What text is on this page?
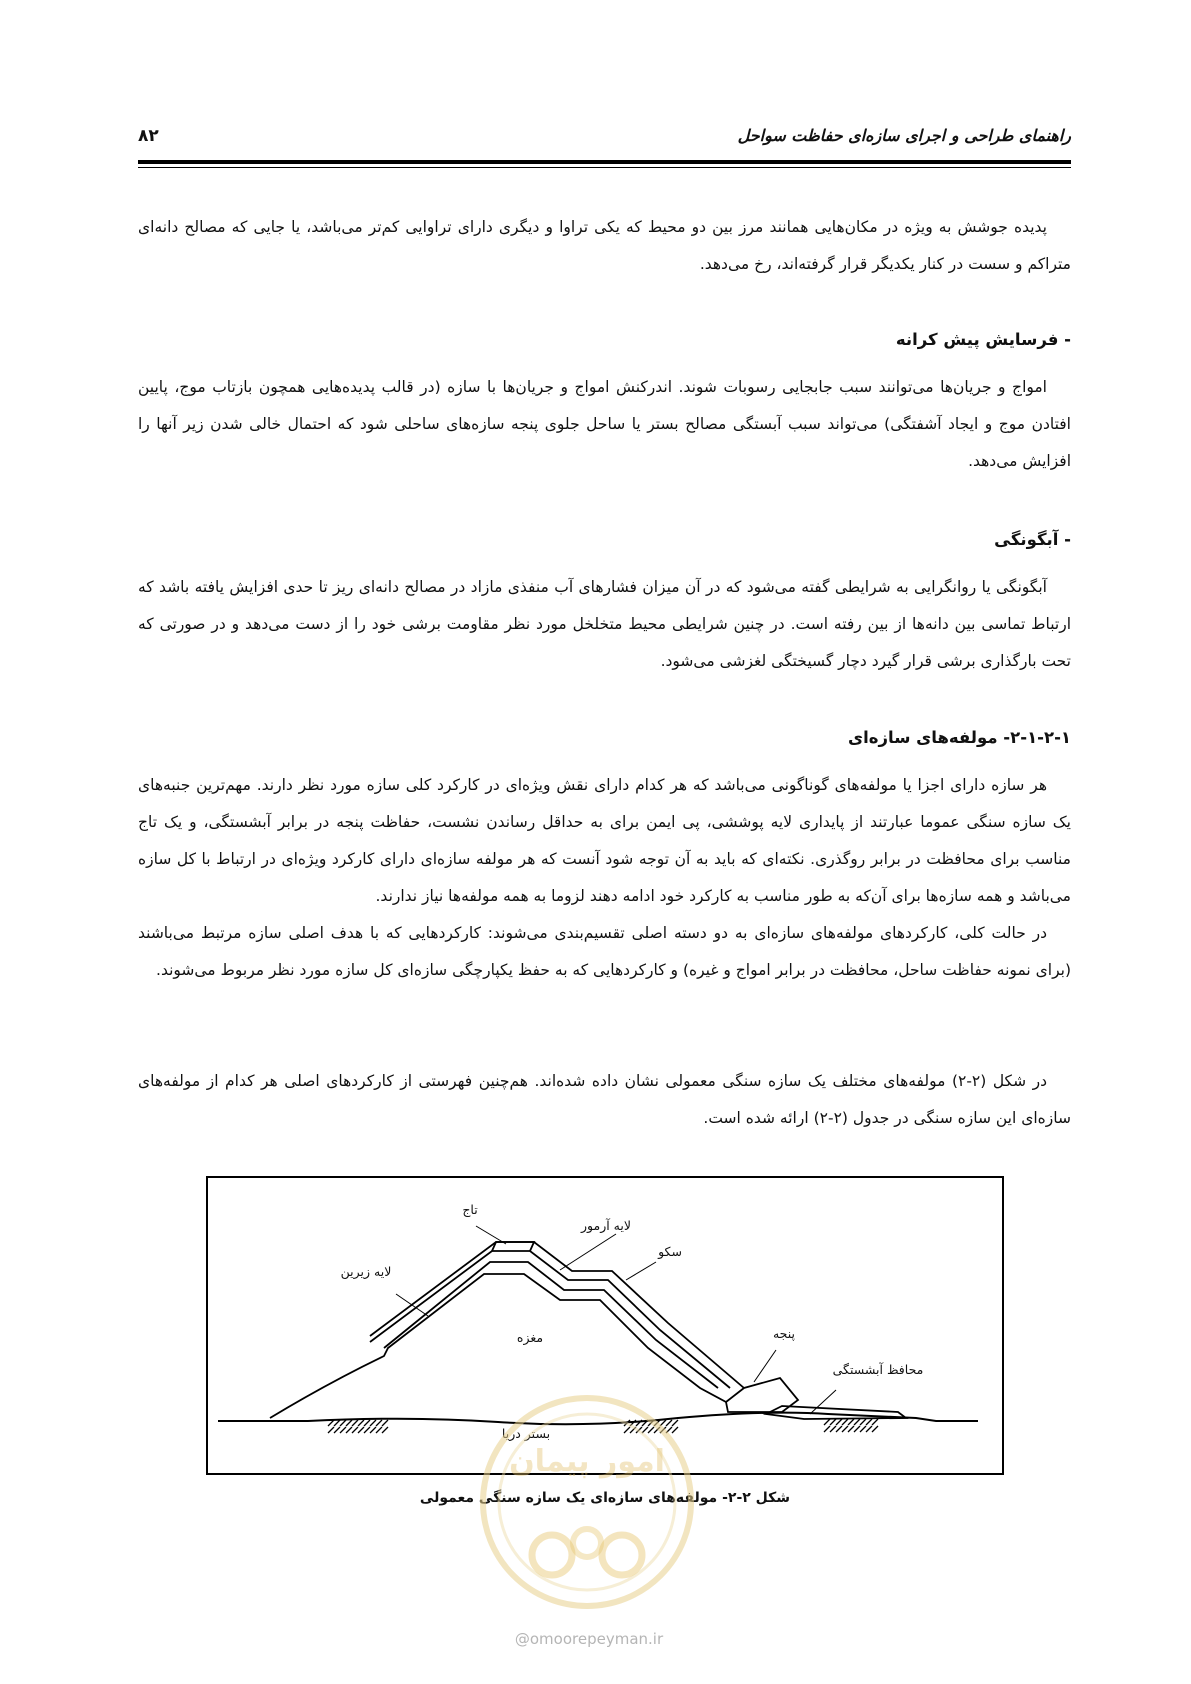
راهنمای طراحی و اجرای سازه‌ای حفاظت سواحل
۸۲

پدیده جوشش به ویژه در مکان‌هایی همانند مرز بین دو محیط که یکی تراوا و دیگری دارای تراوایی کم‌تر می‌باشد، یا جایی که مصالح دانه‌ای متراکم و سست در کنار یکدیگر قرار گرفته‌اند، رخ می‌دهد.

- فرسایش پیش کرانه

امواج و جریان‌ها می‌توانند سبب جابجایی رسوبات شوند. اندرکنش امواج و جریان‌ها با سازه (در قالب پدیده‌هایی همچون بازتاب موج، پایین افتادن موج و ایجاد آشفتگی) می‌تواند سبب آبستگی مصالح بستر یا ساحل جلوی پنجه سازه‌های ساحلی شود که احتمال خالی شدن زیر آنها را افزایش می‌دهد.

- آبگونگی

آبگونگی یا روانگرایی به شرایطی گفته می‌شود که در آن میزان فشارهای آب منفذی مازاد در مصالح دانه‌ای ریز تا حدی افزایش یافته باشد که ارتباط تماسی بین دانه‌ها از بین رفته است. در چنین شرایطی محیط متخلخل مورد نظر مقاومت برشی خود را از دست می‌دهد و در صورتی که تحت بارگذاری برشی قرار گیرد دچار گسیختگی لغزشی می‌شود.

۲-۱-۲-۱- مولفه‌های سازه‌ای

هر سازه دارای اجزا یا مولفه‌های گوناگونی می‌باشد که هر کدام دارای نقش ویژه‌ای در کارکرد کلی سازه مورد نظر دارند. مهم‌ترین جنبه‌های یک سازه سنگی عموما عبارتند از پایداری لایه پوششی، پی ایمن برای به حداقل رساندن نشست، حفاظت پنجه در برابر آبشستگی، و یک تاج مناسب برای محافظت در برابر روگذری. نکته‌ای که باید به آن توجه شود آنست که هر مولفه سازه‌ای دارای کارکرد ویژه‌ای در ارتباط با کل سازه می‌باشد و همه سازه‌ها برای آن‌که به طور مناسب به کارکرد خود ادامه دهند لزوما به همه مولفه‌ها نیاز ندارند.

در حالت کلی، کارکردهای مولفه‌های سازه‌ای به دو دسته اصلی تقسیم‌بندی می‌شوند: کارکردهایی که با هدف اصلی سازه مرتبط می‌باشند (برای نمونه حفاظت ساحل، محافظت در برابر امواج و غیره) و کارکردهایی که به حفظ یکپارچگی سازه‌ای کل سازه مورد نظر مربوط می‌شوند.

در شکل (۲-۲) مولفه‌های مختلف یک سازه سنگی معمولی نشان داده شده‌اند. هم‌چنین فهرستی از کارکردهای اصلی هر کدام از مولفه‌های سازه‌ای این سازه سنگی در جدول (۲-۲) ارائه شده است.

تاج
لایه آرمور
سکو
لایه زیرین
مغزه	پنجه
محافظ آبشستگی
بستر دریا
شکل ۲-۲- مولفه‌های سازه‌ای یک سازه سنگی معمولی
امور پیمان
@omoorepeyman.ir
